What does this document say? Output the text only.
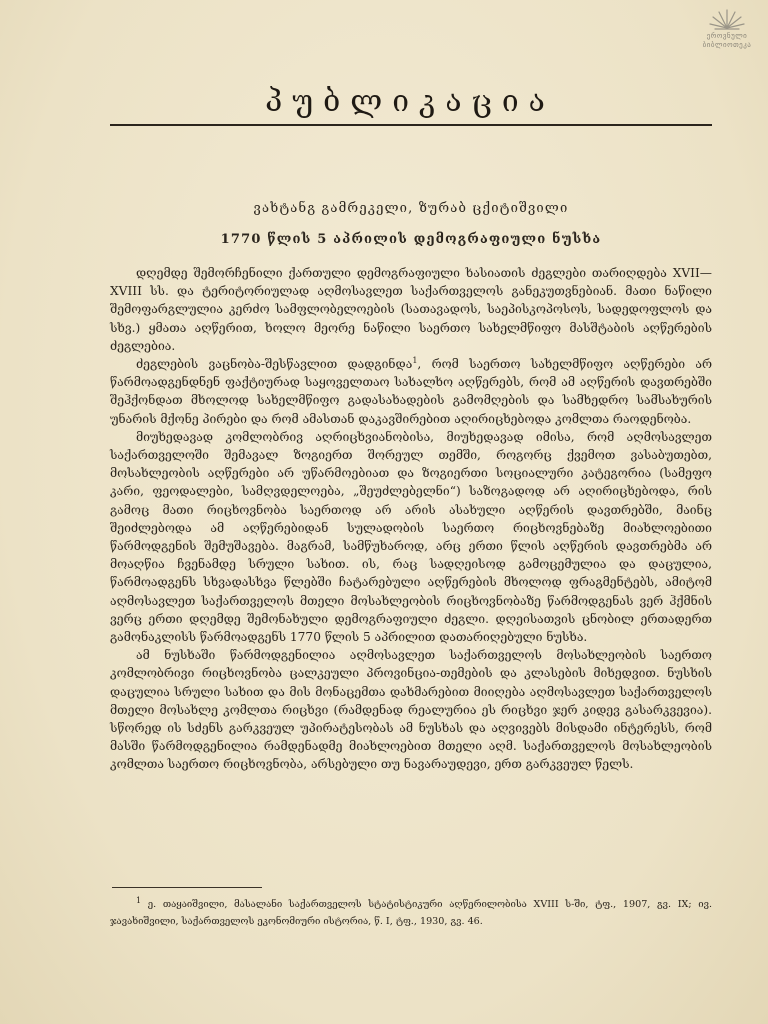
ეროვნული
ბიბლიოთეკა
პუბლიკაცია
ვახტანგ გამრეკელი, ზურაბ ცქიტიშვილი
1770 წლის 5 აპრილის დემოგრაფიული ნუსხა

დღემდე შემორჩენილი ქართული დემოგრაფიული ხასიათის ძეგლები თარიღდება XVII—XVIII სს. და ტერიტორიულად აღმოსავლეთ საქართველოს განეკუთვნებიან. მათი ნაწილი შემოფარგლულია კერძო სამფლობელოების (სათავადოს, საეპისკოპოსოს, სადედოფლოს და სხვ.) ყმათა აღწერით, ხოლო მეორე ნაწილი საერთო სახელმწიფო მასშტაბის აღწერების ძეგლებია.

ძეგლების ვაცნობა-შესწავლით დადგინდა$^1$, რომ საერთო სახელმწიფო აღწერები არ წარმოადგენდნენ ფაქტიურად საყოველთაო სახალხო აღწერებს, რომ ამ აღწერის დავთრებში შეჰქონდათ მხოლოდ სახელმწიფო გადასახადების გამომღების და სამხედრო სამსახურის უნარის მქონე პირები და რომ ამასთან დაკავშირებით აღირიცხებოდა კომლთა რაოდენობა.

მიუხედავად კომლობრივ აღრიცხვიანობისა, მიუხედავად იმისა, რომ აღმოსავლეთ საქართველოში შემავალ ზოგიერთ შორეულ თემში, როგორც ქვემოთ ვასაბუთებთ, მოსახლეობის აღწერები არ უწარმოებიათ და ზოგიერთი სოციალური კატეგორია (სამეფო კარი, ფეოდალები, სამღვდელოება, „შეუძლებელნი“) საზოგადოდ არ აღირიცხებოდა, რის გამოც მათი რიცხოვნობა საერთოდ არ არის ასახული აღწერის დავთრებში, მაინც შეიძლებოდა ამ აღწერებიდან სულადობის საერთო რიცხოვნებაზე მიახლოებითი წარმოდგენის შემუშავება. მაგრამ, სამწუხაროდ, არც ერთი წლის აღწერის დავთრებმა არ მოაღწია ჩვენამდე სრული სახით. ის, რაც სადღეისოდ გამოცემულია და დაცულია, წარმოადგენს სხვადასხვა წლებში ჩატარებული აღწერების მხოლოდ ფრაგმენტებს, ამიტომ აღმოსავლეთ საქართველოს მთელი მოსახლეობის რიცხოვნობაზე წარმოდგენას ვერ ჰქმნის ვერც ერთი დღემდე შემონახული დემოგრაფიული ძეგლი. დღეისათვის ცნობილ ერთადერთ გამონაკლისს წარმოადგენს 1770 წლის 5 აპრილით დათარიღებული ნუსხა.

ამ ნუსხაში წარმოდგენილია აღმოსავლეთ საქართველოს მოსახლეობის საერთო კომლობრივი რიცხოვნობა ცალკეული პროვინცია-თემების და კლასების მიხედვით. ნუსხის დაცულია სრული სახით და მის მონაცემთა დახმარებით მიიღება აღმოსავლეთ საქართველოს მთელი მოსახლე კომლთა რიცხვი (რამდენად რეალურია ეს რიცხვი ჯერ კიდევ გასარკვევია). სწორედ ის სძენს გარკვეულ უპირატესობას ამ ნუსხას და აღვივებს მისდამი ინტერესს, რომ მასში წარმოდგენილია რამდენადმე მიახლოებით მთელი აღმ. საქართველოს მოსახლეობის კომლთა საერთო რიცხოვნობა, არსებული თუ ნავარაუდევი, ერთ გარკვეულ წელს.

$^1$ ე. თაყაიშვილი, მასალანი საქართველოს სტატისტიკური აღწერილობისა XVIII ს-ში, ტფ., 1907, გვ. IX; ივ. ჯავახიშვილი, საქართველოს ეკონომიური ისტორია, წ. I, ტფ., 1930, გვ. 46.
